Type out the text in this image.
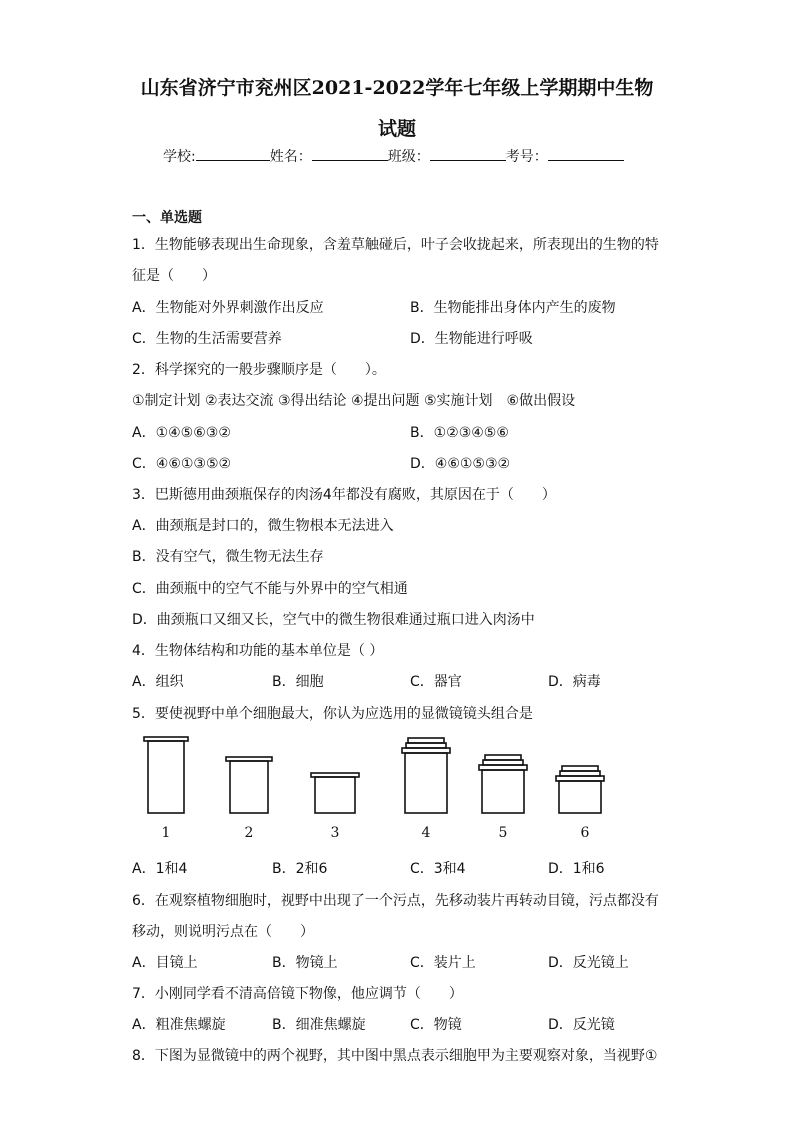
山东省济宁市兖州区2021-2022学年七年级上学期期中生物
试题
学校:	姓名：	班级：	考号：
一、单选题
1．生物能够表现出生命现象，含羞草触碰后，叶子会收拢起来，所表现出的生物的特
征是（　　）
A．生物能对外界刺激作出反应	B．生物能排出身体内产生的废物
C．生物的生活需要营养	D．生物能进行呼吸
2．科学探究的一般步骤顺序是（　　）。
①制定计划 ②表达交流 ③得出结论 ④提出问题 ⑤实施计划　⑥做出假设
A．①④⑤⑥③②	B．①②③④⑤⑥
C．④⑥①③⑤②	D．④⑥①⑤③②
3．巴斯德用曲颈瓶保存的肉汤4年都没有腐败，其原因在于（　　）
A．曲颈瓶是封口的，微生物根本无法进入
B．没有空气，微生物无法生存
C．曲颈瓶中的空气不能与外界中的空气相通
D．曲颈瓶口又细又长，空气中的微生物很难通过瓶口进入肉汤中
4．生物体结构和功能的基本单位是（ ）
A．组织	B．细胞	C．器官	D．病毒
5．要使视野中单个细胞最大，你认为应选用的显微镜镜头组合是
1	2	3	4	5	6
A．1和4	B．2和6	C．3和4	D．1和6
6．在观察植物细胞时，视野中出现了一个污点，先移动装片再转动目镜，污点都没有
移动，则说明污点在（　　）
A．目镜上	B．物镜上	C．装片上	D．反光镜上
7．小刚同学看不清高倍镜下物像，他应调节（　　）
A．粗准焦螺旋	B．细准焦螺旋	C．物镜	D．反光镜
8．下图为显微镜中的两个视野，其中图中黑点表示细胞甲为主要观察对象，当视野①
